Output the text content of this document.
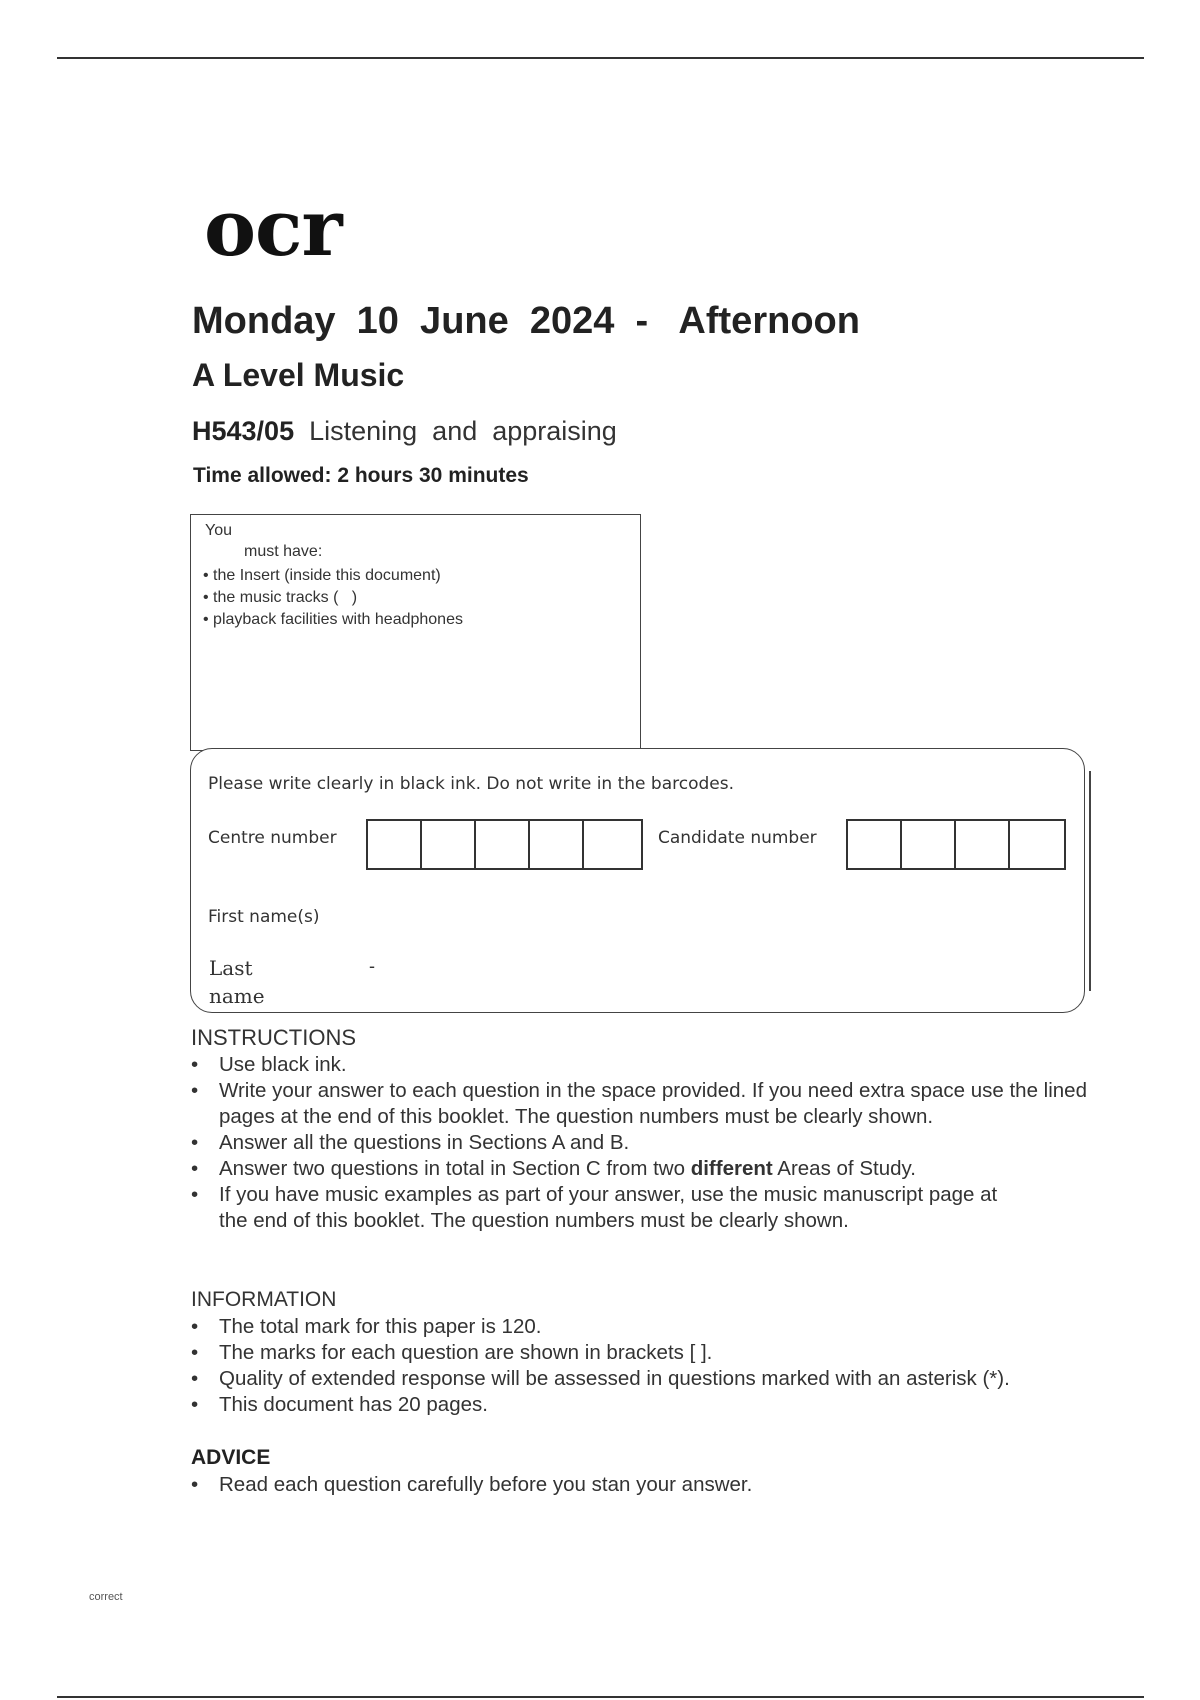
ocr
Monday  10  June  2024  -   Afternoon
A Level Music
H543/05  Listening  and  appraising
Time allowed: 2 hours 30 minutes
You
must have:
• the Insert (inside this document)
• the music tracks (   )
• playback facilities with headphones
Please write clearly in black ink. Do not write in the barcodes.
Centre number	Candidate number
First name(s)
Last name
-
INSTRUCTIONS
• Use black ink.
• Write your answer to each question in the space provided. If you need extra space use the lined pages at the end of this booklet. The question numbers must be clearly shown.
• Answer all the questions in Sections A and B.
• Answer two questions in total in Section C from two different Areas of Study.
• If you have music examples as part of your answer, use the music manuscript page at the end of this booklet. The question numbers must be clearly shown.
INFORMATION
• The total mark for this paper is 120.
• The marks for each question are shown in brackets [ ].
• Quality of extended response will be assessed in questions marked with an asterisk (*).
• This document has 20 pages.
ADVICE
• Read each question carefully before you stan your answer.
correct
